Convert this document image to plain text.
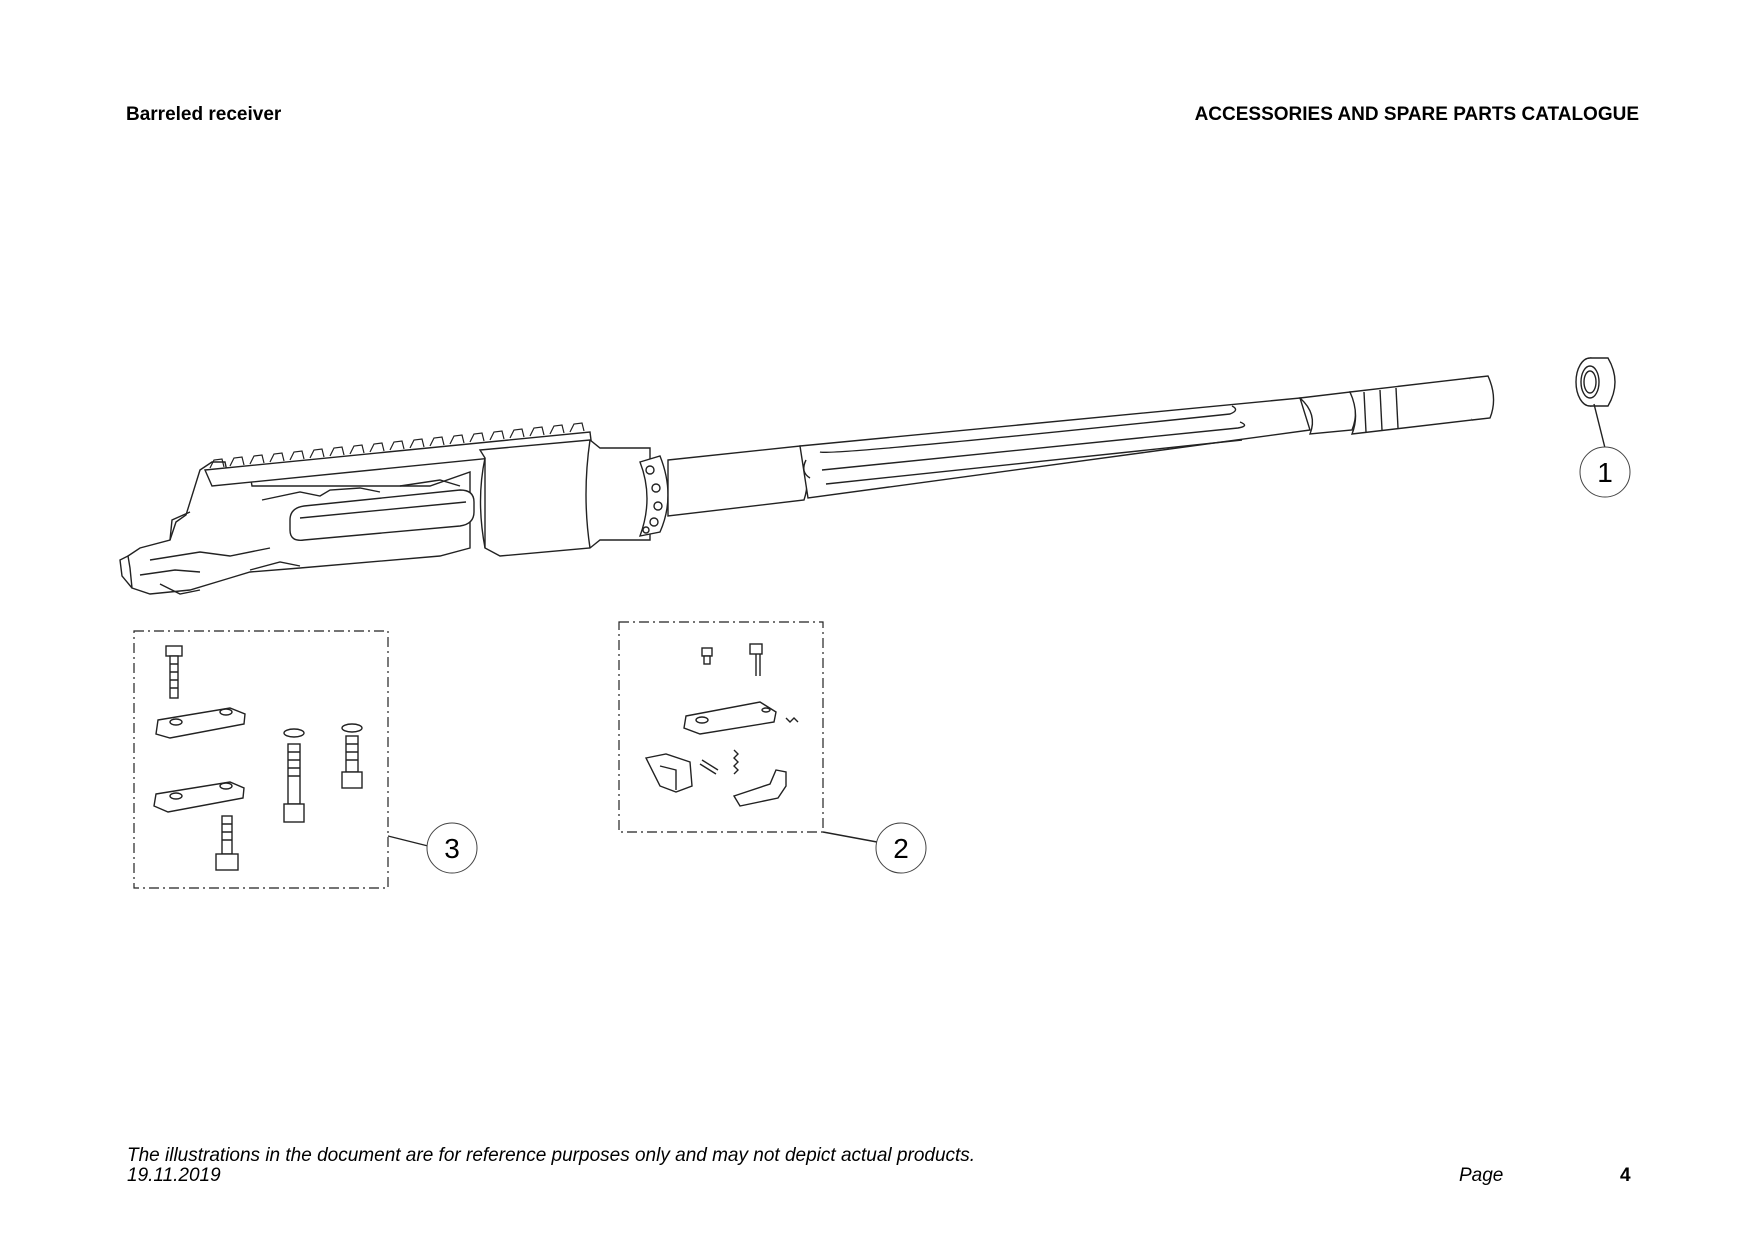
Barreled receiver	ACCESSORIES AND SPARE PARTS CATALOGUE
1
3	2
The illustrations in the document are for reference purposes only and may not depict actual products.
19.11.2019	Page	4
